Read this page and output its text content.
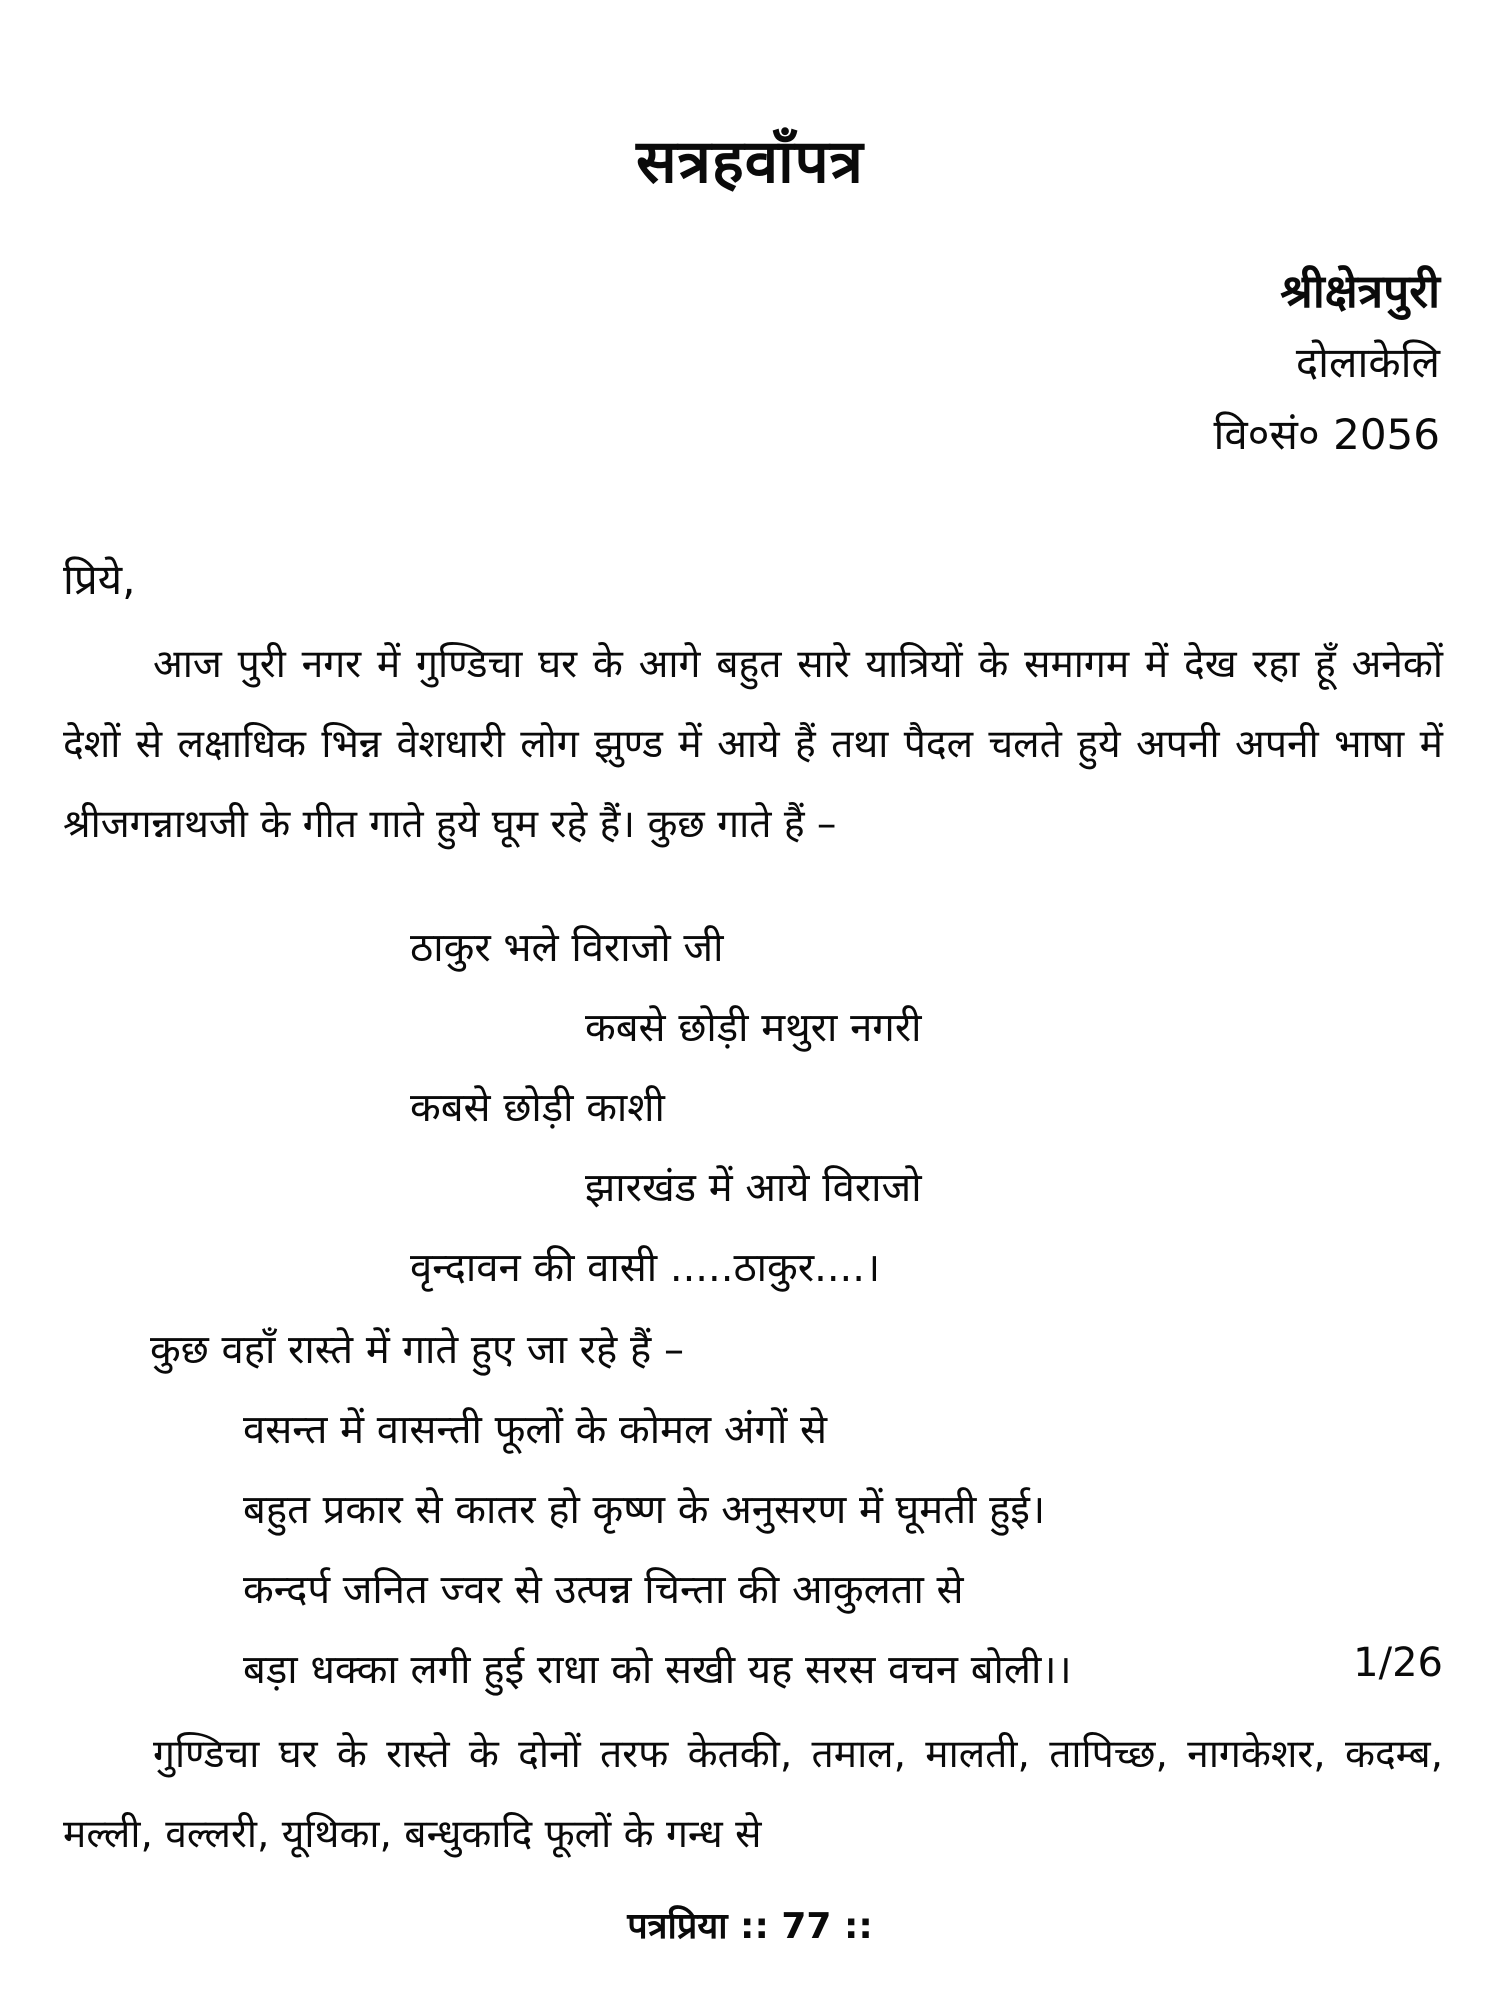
सत्रहवाँपत्र
श्रीक्षेत्रपुरी
दोलाकेलि
वि०सं० 2056
प्रिये,
आज पुरी नगर में गुण्डिचा घर के आगे बहुत सारे यात्रियों के समागम में देख रहा हूँ अनेकों देशों से लक्षाधिक भिन्न वेशधारी लोग झुण्ड में आये हैं तथा पैदल चलते हुये अपनी अपनी भाषा में श्रीजगन्नाथजी के गीत गाते हुये घूम रहे हैं। कुछ गाते हैं –
ठाकुर भले विराजो जी
कबसे छोड़ी मथुरा नगरी
कबसे छोड़ी काशी
झारखंड में आये विराजो
वृन्दावन की वासी .....ठाकुर....।
कुछ वहाँ रास्ते में गाते हुए जा रहे हैं –
वसन्त में वासन्ती फूलों के कोमल अंगों से
बहुत प्रकार से कातर हो कृष्ण के अनुसरण में घूमती हुई।
कन्दर्प जनित ज्वर से उत्पन्न चिन्ता की आकुलता से
बड़ा धक्का लगी हुई राधा को सखी यह सरस वचन बोली।।	1/26
गुण्डिचा घर के रास्ते के दोनों तरफ केतकी, तमाल, मालती, तापिच्छ, नागकेशर, कदम्ब, मल्ली, वल्लरी, यूथिका, बन्धुकादि फूलों के गन्ध से
पत्रप्रिया :: 77 ::
